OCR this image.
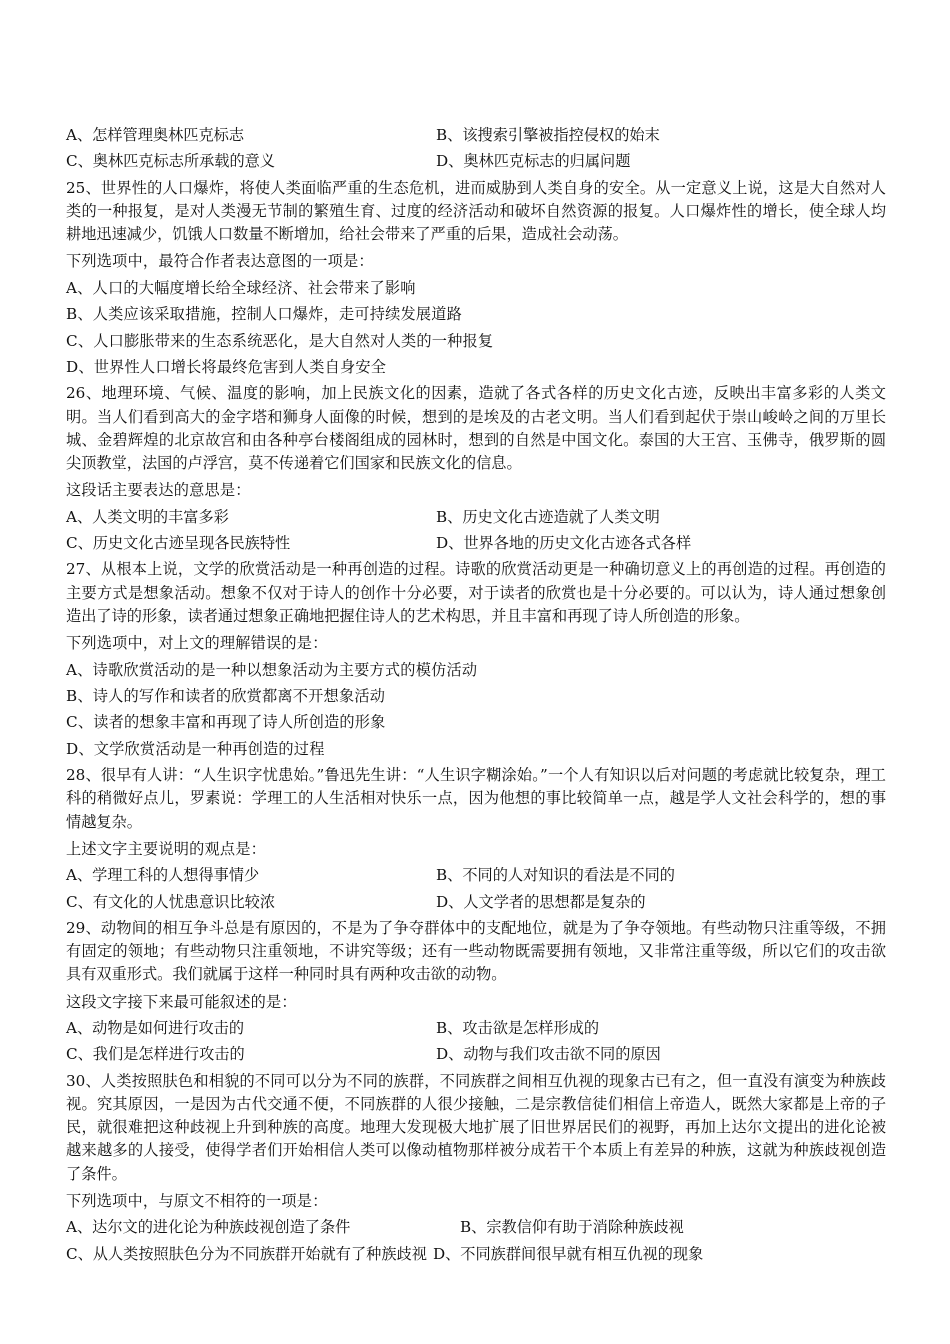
A、怎样管理奥林匹克标志	B、该搜索引擎被指控侵权的始末
C、奥林匹克标志所承载的意义	D、奥林匹克标志的归属问题
25、世界性的人口爆炸，将使人类面临严重的生态危机，进而威胁到人类自身的安全。从一定意义上说，这是大自然对人类的一种报复，是对人类漫无节制的繁殖生育、过度的经济活动和破坏自然资源的报复。人口爆炸性的增长，使全球人均耕地迅速减少，饥饿人口数量不断增加，给社会带来了严重的后果，造成社会动荡。
下列选项中，最符合作者表达意图的一项是：
A、人口的大幅度增长给全球经济、社会带来了影响
B、人类应该采取措施，控制人口爆炸，走可持续发展道路
C、人口膨胀带来的生态系统恶化，是大自然对人类的一种报复
D、世界性人口增长将最终危害到人类自身安全
26、地理环境、气候、温度的影响，加上民族文化的因素，造就了各式各样的历史文化古迹，反映出丰富多彩的人类文明。当人们看到高大的金字塔和狮身人面像的时候，想到的是埃及的古老文明。当人们看到起伏于崇山峻岭之间的万里长城、金碧辉煌的北京故宫和由各种亭台楼阁组成的园林时，想到的自然是中国文化。泰国的大王宫、玉佛寺，俄罗斯的圆尖顶教堂，法国的卢浮宫，莫不传递着它们国家和民族文化的信息。
这段话主要表达的意思是：
A、人类文明的丰富多彩	B、历史文化古迹造就了人类文明
C、历史文化古迹呈现各民族特性	D、世界各地的历史文化古迹各式各样
27、从根本上说，文学的欣赏活动是一种再创造的过程。诗歌的欣赏活动更是一种确切意义上的再创造的过程。再创造的主要方式是想象活动。想象不仅对于诗人的创作十分必要，对于读者的欣赏也是十分必要的。可以认为，诗人通过想象创造出了诗的形象，读者通过想象正确地把握住诗人的艺术构思，并且丰富和再现了诗人所创造的形象。
下列选项中，对上文的理解错误的是：
A、诗歌欣赏活动的是一种以想象活动为主要方式的模仿活动
B、诗人的写作和读者的欣赏都离不开想象活动
C、读者的想象丰富和再现了诗人所创造的形象
D、文学欣赏活动是一种再创造的过程
28、很早有人讲：“人生识字忧患始。”鲁迅先生讲：“人生识字糊涂始。”一个人有知识以后对问题的考虑就比较复杂，理工科的稍微好点儿，罗素说：学理工的人生活相对快乐一点，因为他想的事比较简单一点，越是学人文社会科学的，想的事情越复杂。
上述文字主要说明的观点是：
A、学理工科的人想得事情少	B、不同的人对知识的看法是不同的
C、有文化的人忧患意识比较浓	D、人文学者的思想都是复杂的
29、动物间的相互争斗总是有原因的，不是为了争夺群体中的支配地位，就是为了争夺领地。有些动物只注重等级，不拥有固定的领地；有些动物只注重领地，不讲究等级；还有一些动物既需要拥有领地，又非常注重等级，所以它们的攻击欲具有双重形式。我们就属于这样一种同时具有两种攻击欲的动物。
这段文字接下来最可能叙述的是：
A、动物是如何进行攻击的	B、攻击欲是怎样形成的
C、我们是怎样进行攻击的	D、动物与我们攻击欲不同的原因
30、人类按照肤色和相貌的不同可以分为不同的族群，不同族群之间相互仇视的现象古已有之，但一直没有演变为种族歧视。究其原因，一是因为古代交通不便，不同族群的人很少接触，二是宗教信徒们相信上帝造人，既然大家都是上帝的子民，就很难把这种歧视上升到种族的高度。地理大发现极大地扩展了旧世界居民们的视野，再加上达尔文提出的进化论被越来越多的人接受，使得学者们开始相信人类可以像动植物那样被分成若干个本质上有差异的种族，这就为种族歧视创造了条件。
下列选项中，与原文不相符的一项是：
A、达尔文的进化论为种族歧视创造了条件	B、宗教信仰有助于消除种族歧视
C、从人类按照肤色分为不同族群开始就有了种族歧视 D、不同族群间很早就有相互仇视的现象
